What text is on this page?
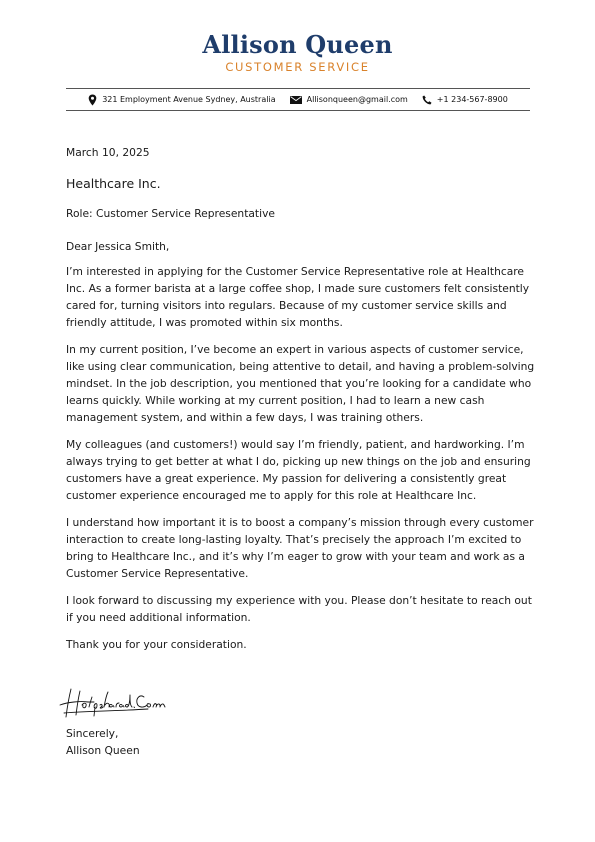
Allison Queen
CUSTOMER SERVICE
321 Employment Avenue Sydney, Australia	Allisonqueen@gmail.com	+1 234-567-8900

March 10, 2025

Healthcare Inc.

Role: Customer Service Representative

Dear Jessica Smith,

I’m interested in applying for the Customer Service Representative role at Healthcare Inc. As a former barista at a large coffee shop, I made sure customers felt consistently cared for, turning visitors into regulars. Because of my customer service skills and friendly attitude, I was promoted within six months.

In my current position, I’ve become an expert in various aspects of customer service, like using clear communication, being attentive to detail, and having a problem-solving mindset. In the job description, you mentioned that you’re looking for a candidate who learns quickly. While working at my current position, I had to learn a new cash management system, and within a few days, I was training others.

My colleagues (and customers!) would say I’m friendly, patient, and hardworking. I’m always trying to get better at what I do, picking up new things on the job and ensuring customers have a great experience. My passion for delivering a consistently great customer experience encouraged me to apply for this role at Healthcare Inc.

I understand how important it is to boost a company’s mission through every customer interaction to create long-lasting loyalty. That’s precisely the approach I’m excited to bring to Healthcare Inc., and it’s why I’m eager to grow with your team and work as a Customer Service Representative.

I look forward to discussing my experience with you. Please don’t hesitate to reach out if you need additional information.

Thank you for your consideration.

Sincerely,

Allison Queen
